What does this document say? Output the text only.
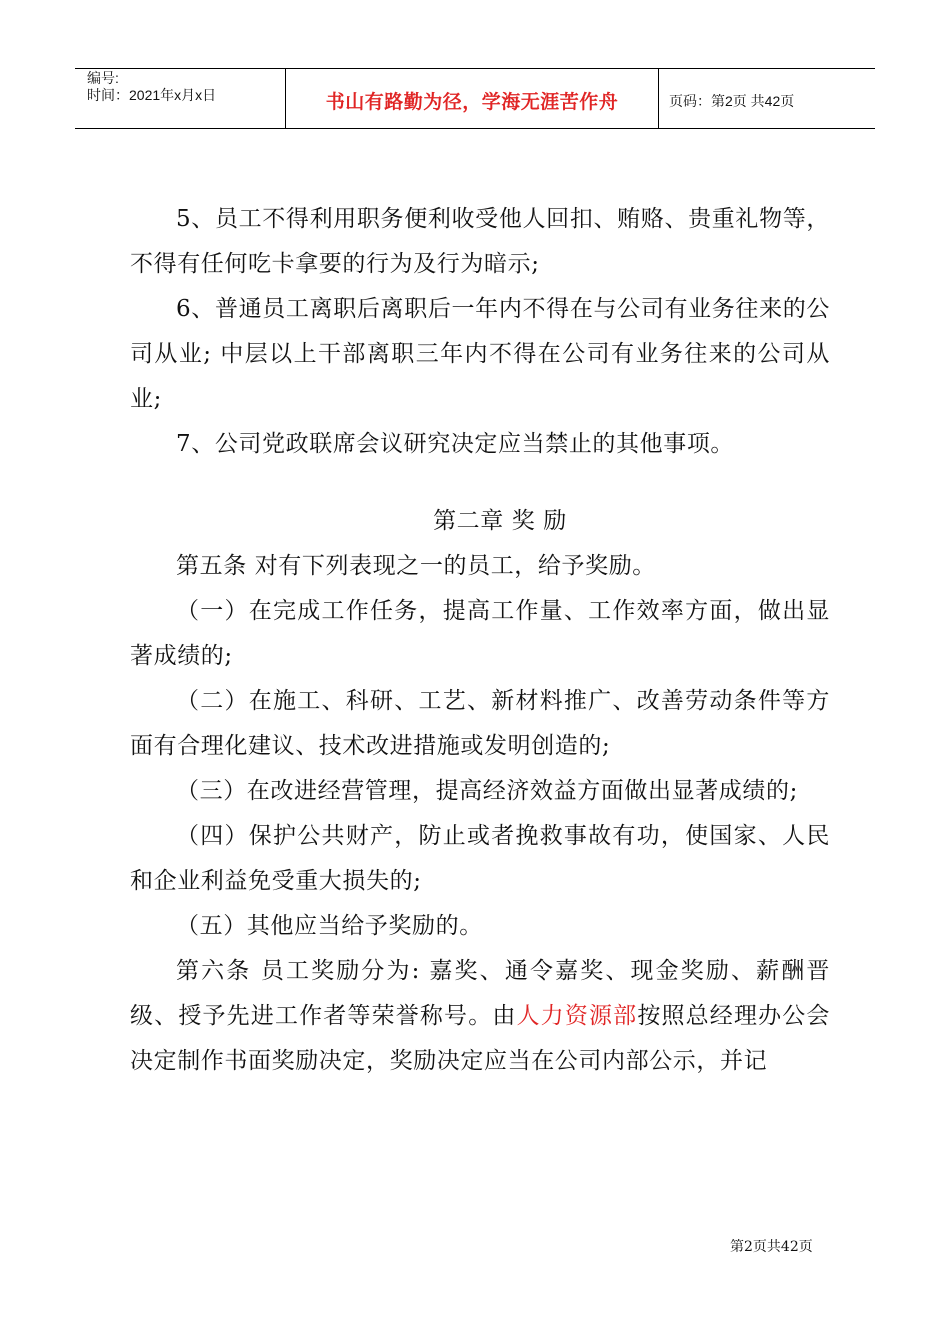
编号:
时间：2021年x月x日	书山有路勤为径，学海无涯苦作舟	页码：第2页 共42页

5、员工不得利用职务便利收受他人回扣、贿赂、贵重礼物等，不得有任何吃卡拿要的行为及行为暗示;

6、普通员工离职后离职后一年内不得在与公司有业务往来的公司从业; 中层以上干部离职三年内不得在公司有业务往来的公司从业;

7、公司党政联席会议研究决定应当禁止的其他事项。

第二章 奖 励

第五条 对有下列表现之一的员工，给予奖励。

（一）在完成工作任务，提高工作量、工作效率方面，做出显著成绩的;

（二）在施工、科研、工艺、新材料推广、改善劳动条件等方面有合理化建议、技术改进措施或发明创造的;

（三）在改进经营管理，提高经济效益方面做出显著成绩的;

（四）保护公共财产，防止或者挽救事故有功，使国家、人民和企业利益免受重大损失的;

（五）其他应当给予奖励的。

第六条 员工奖励分为: 嘉奖、通令嘉奖、现金奖励、薪酬晋级、授予先进工作者等荣誉称号。由人力资源部按照总经理办公会决定制作书面奖励决定，奖励决定应当在公司内部公示，并记

第2页共42页
